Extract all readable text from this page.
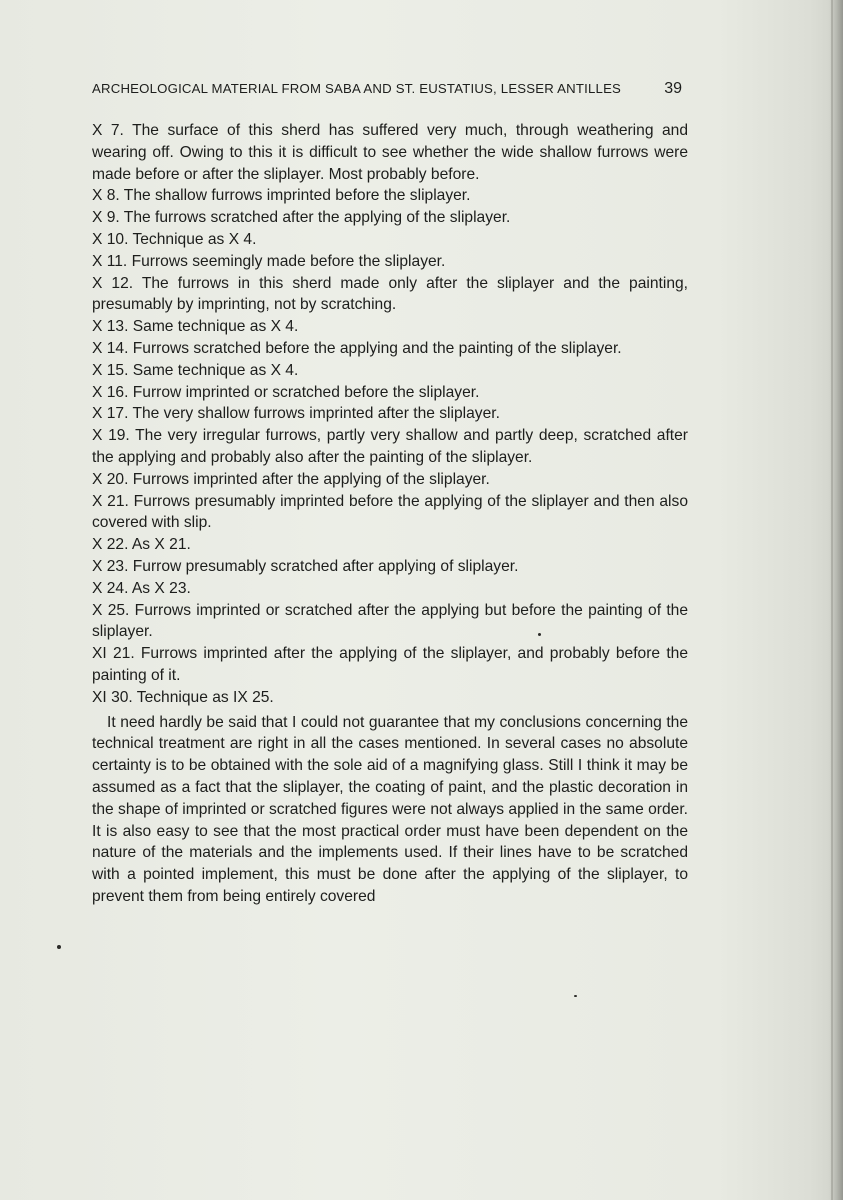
ARCHEOLOGICAL MATERIAL FROM SABA AND ST. EUSTATIUS, LESSER ANTILLES	39

X 7. The surface of this sherd has suffered very much, through weathering and wearing off. Owing to this it is difficult to see whether the wide shallow furrows were made before or after the sliplayer. Most probably before.

X 8. The shallow furrows imprinted before the sliplayer.

X 9. The furrows scratched after the applying of the sliplayer.

X 10. Technique as X 4.

X 11. Furrows seemingly made before the sliplayer.

X 12. The furrows in this sherd made only after the sliplayer and the painting, presumably by imprinting, not by scratching.

X 13. Same technique as X 4.

X 14. Furrows scratched before the applying and the painting of the sliplayer.

X 15. Same technique as X 4.

X 16. Furrow imprinted or scratched before the sliplayer.

X 17. The very shallow furrows imprinted after the sliplayer.

X 19. The very irregular furrows, partly very shallow and partly deep, scratched after the applying and probably also after the painting of the sliplayer.

X 20. Furrows imprinted after the applying of the sliplayer.

X 21. Furrows presumably imprinted before the applying of the sliplayer and then also covered with slip.

X 22. As X 21.

X 23. Furrow presumably scratched after applying of sliplayer.

X 24. As X 23.

X 25. Furrows imprinted or scratched after the applying but before the painting of the sliplayer.

XI 21. Furrows imprinted after the applying of the sliplayer, and probably before the painting of it.

XI 30. Technique as IX 25.

It need hardly be said that I could not guarantee that my conclusions concerning the technical treatment are right in all the cases mentioned. In several cases no absolute certainty is to be obtained with the sole aid of a magnifying glass. Still I think it may be assumed as a fact that the sliplayer, the coating of paint, and the plastic decoration in the shape of imprinted or scratched figures were not always applied in the same order. It is also easy to see that the most practical order must have been dependent on the nature of the materials and the implements used. If their lines have to be scratched with a pointed implement, this must be done after the applying of the sliplayer, to prevent them from being entirely covered
